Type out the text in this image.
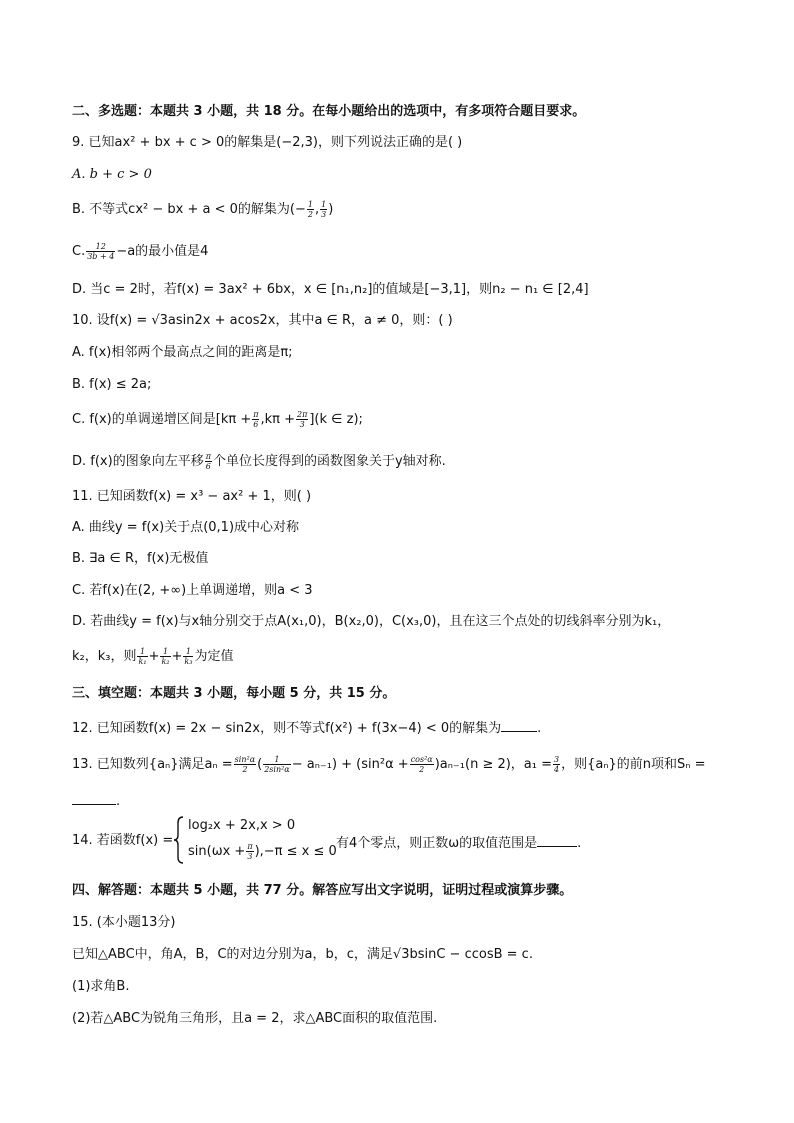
二、多选题：本题共 3 小题，共 18 分。在每小题给出的选项中，有多项符合题目要求。
9. 已知ax² + bx + c > 0的解集是(−2,3)，则下列说法正确的是( )
A. b + c > 0
B. 不等式cx² − bx + a < 0的解集为(− $\frac{1}{2}$ , $\frac{1}{3}$ )
C. $\frac{12}{3b + 4} -a$的最小值是4
D. 当c = 2时，若f(x) = 3ax² + 6bx，x ∈ [n₁,n₂]的值域是[−3,1]，则n₂ − n₁ ∈ [2,4]
10. 设f(x) = √3asin2x + acos2x，其中a ∈ R，a ≠ 0，则：( )
A. f(x)相邻两个最高点之间的距离是π;
B. f(x) ≤ 2a;
C. f(x)的单调递增区间是$[k\pi + \frac{\pi}{6} ,k\pi + \frac{2\pi}{3} ](k$ ∈ z);
D. f(x)的图象向左平移 $\frac{\pi}{6}$ 个单位长度得到的函数图象关于y轴对称.
11. 已知函数f(x) = x³ − ax² + 1，则( )
A. 曲线y = f(x)关于点(0,1)成中心对称
B. ∃a ∈ R，f(x)无极值
C. 若f(x)在(2, +∞)上单调递增，则a < 3
D. 若曲线y = f(x)与x轴分别交于点A(x₁,0)，B(x₂,0)，C(x₃,0)，且在这三个点处的切线斜率分别为k₁，
k₂，k₃，则 $\frac{1}{\text{k₁}} + \frac{1}{\text{k₂}} + \frac{1}{\text{k₃}}$ 为定值
三、填空题：本题共 3 小题，每小题 5 分，共 15 分。
12. 已知函数f(x) = 2x − sin2x，则不等式f(x²) + f(3x−4) < 0的解集为	.
13. 已知数列{aₙ}满足$a_n = \frac{\text{sin²α}}{2}$ ( $\frac{1}{\text{2sin²α}} - a_{n-1}) + (\sin^2\alpha + \frac{\text{cos²α}}{2} )a_{n-1}(n \ge 2)$，$a_1 = \frac{3}{4}$ ，则{aₙ}的前n项和Sₙ =
.
14. 若函数f(x) =
log₂x + 2x,x > 0
$\sin(\omega x + \frac{\pi}{3} ),-\pi \le x \le 0$
有4个零点，则正数ω的取值范围是	.
四、解答题：本题共 5 小题，共 77 分。解答应写出文字说明，证明过程或演算步骤。
15. (本小题13分)
已知△ABC中，角A，B，C的对边分别为a，b，c，满足√3bsinC − ccosB = c.
(1)求角B.
(2)若△ABC为锐角三角形，且a = 2，求△ABC面积的取值范围.
